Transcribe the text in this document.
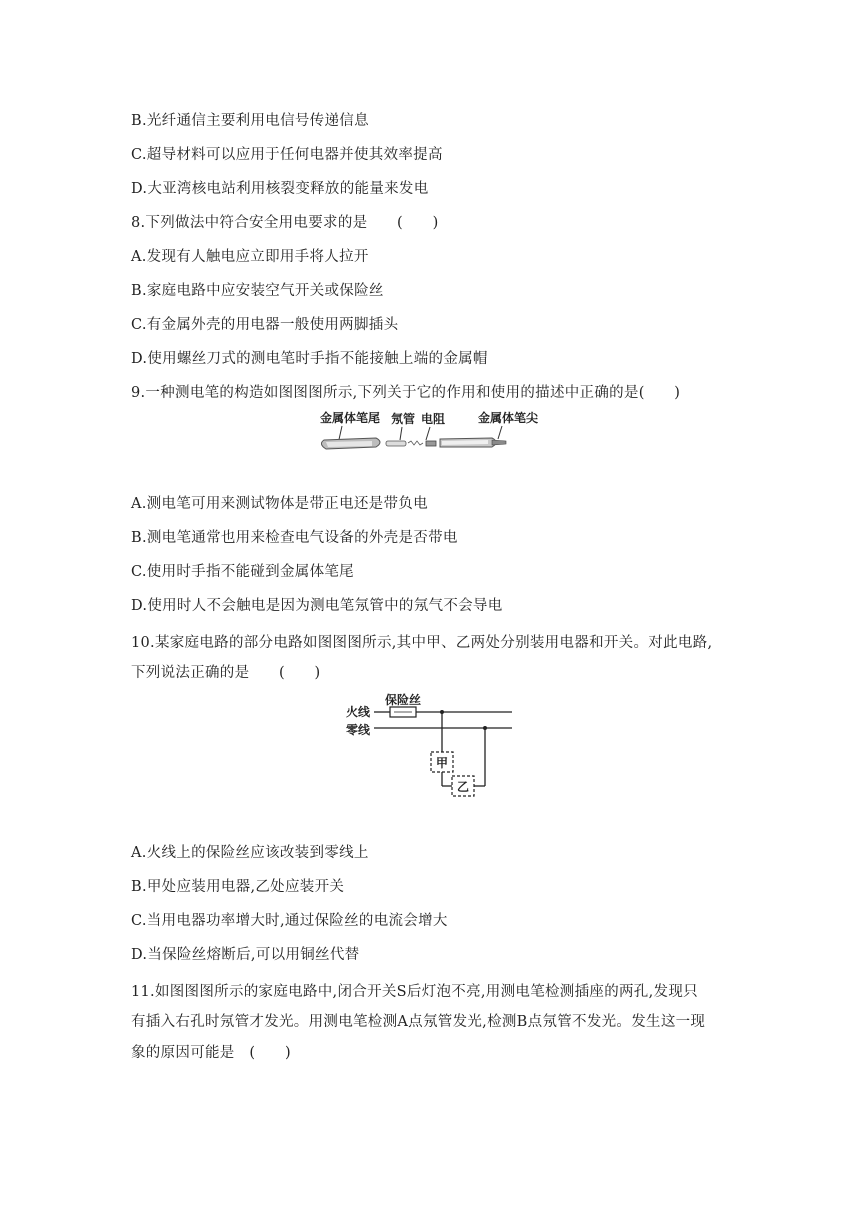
B.光纤通信主要利用电信号传递信息
C.超导材料可以应用于任何电器并使其效率提高
D.大亚湾核电站利用核裂变释放的能量来发电
8.下列做法中符合安全用电要求的是　　(　　)
A.发现有人触电应立即用手将人拉开
B.家庭电路中应安装空气开关或保险丝
C.有金属外壳的用电器一般使用两脚插头
D.使用螺丝刀式的测电笔时手指不能接触上端的金属帽
9.一种测电笔的构造如图图图所示,下列关于它的作用和使用的描述中正确的是(　　)
金属体笔尾 氖管 电阻	金属体笔尖
A.测电笔可用来测试物体是带正电还是带负电
B.测电笔通常也用来检查电气设备的外壳是否带电
C.使用时手指不能碰到金属体笔尾
D.使用时人不会触电是因为测电笔氖管中的氖气不会导电
10.某家庭电路的部分电路如图图图所示,其中甲、乙两处分别装用电器和开关。对此电路,
下列说法正确的是　　(　　)
火线
零线
保险丝
甲
乙
A.火线上的保险丝应该改装到零线上
B.甲处应装用电器,乙处应装开关
C.当用电器功率增大时,通过保险丝的电流会增大
D.当保险丝熔断后,可以用铜丝代替
11.如图图图所示的家庭电路中,闭合开关S后灯泡不亮,用测电笔检测插座的两孔,发现只
有插入右孔时氖管才发光。用测电笔检测A点氖管发光,检测B点氖管不发光。发生这一现
象的原因可能是　(　　)
